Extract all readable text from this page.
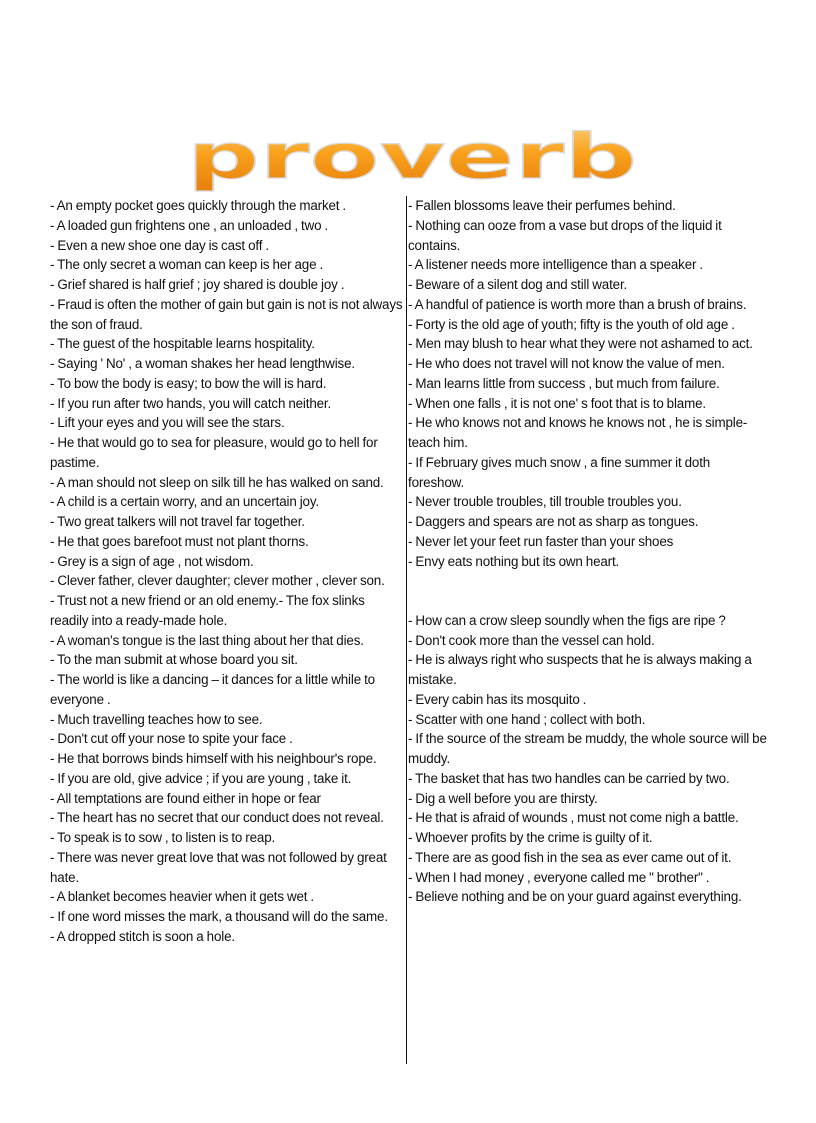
proverb
- An empty pocket goes quickly through the market .
- A loaded gun frightens one , an unloaded , two .
- Even a new shoe one day is cast off .
- The only secret a woman can keep is her age .
- Grief shared is half grief ; joy shared is double joy .
- Fraud is often the mother of gain but gain is not is not always the son of fraud.
- The guest of the hospitable learns hospitality.
- Saying ' No' , a woman shakes her head lengthwise.
- To bow the body is easy; to bow the will is hard.
- If you run after two hands, you will catch neither.
- Lift your eyes and you will see the stars.
- He that would go to sea for pleasure, would go to hell for pastime.
- A man should not sleep on silk till he has walked on sand.
- A child is a certain worry, and an uncertain joy.
- Two great talkers will not travel far together.
- He that goes barefoot must not plant thorns.
- Grey is a sign of age , not wisdom.
- Clever father, clever daughter; clever mother , clever son.
- Trust not a new friend or an old enemy.- The fox slinks readily into a ready-made hole.
- A woman's tongue is the last thing about her that dies.
- To the man submit at whose board you sit.
- The world is like a dancing – it dances for a little while to everyone .
- Much travelling teaches how to see.
- Don't cut off your nose to spite your face .
- He that borrows binds himself with his neighbour's rope.
- If you are old, give advice ; if you are young , take it.
- All temptations are found either in hope or fear
- The heart has no secret that our conduct does not reveal.
- To speak is to sow , to listen is to reap.
- There was never great love that was not followed by great hate.
- A blanket becomes heavier when it gets wet .
- If one word misses the mark, a thousand will do the same.
- A dropped stitch is soon a hole.
- Fallen blossoms leave their perfumes behind.
- Nothing can ooze from a vase but drops of the liquid it contains.
- A listener needs more intelligence than a speaker .
- Beware of a silent dog and still water.
- A handful of patience is worth more than a brush of brains.
- Forty is the old age of youth; fifty is the youth of old age .
- Men may blush to hear what they were not ashamed to act.
- He who does not travel will not know the value of men.
- Man learns little from success , but much from failure.
- When one falls , it is not one' s foot that is to blame.
- He who knows not and knows he knows not , he is simple- teach him.
- If February gives much snow , a fine summer it doth foreshow.
- Never trouble troubles, till trouble troubles you.
- Daggers and spears are not as sharp as tongues.
- Never let your feet run faster than your shoes
- Envy eats nothing but its own heart.
- How can a crow sleep soundly when the figs are ripe ?
- Don't cook more than the vessel can hold.
- He is always right who suspects that he is always making a mistake.
- Every cabin has its mosquito .
- Scatter with one hand ; collect with both.
- If the source of the stream be muddy, the whole source will be muddy.
- The basket that has two handles can be carried by two.
- Dig a well before you are thirsty.
- He that is afraid of wounds , must not come nigh a battle.
- Whoever profits by the crime is guilty of it.
- There are as good fish in the sea as ever came out of it.
- When I had money , everyone called me " brother" .
- Believe nothing and be on your guard against everything.
